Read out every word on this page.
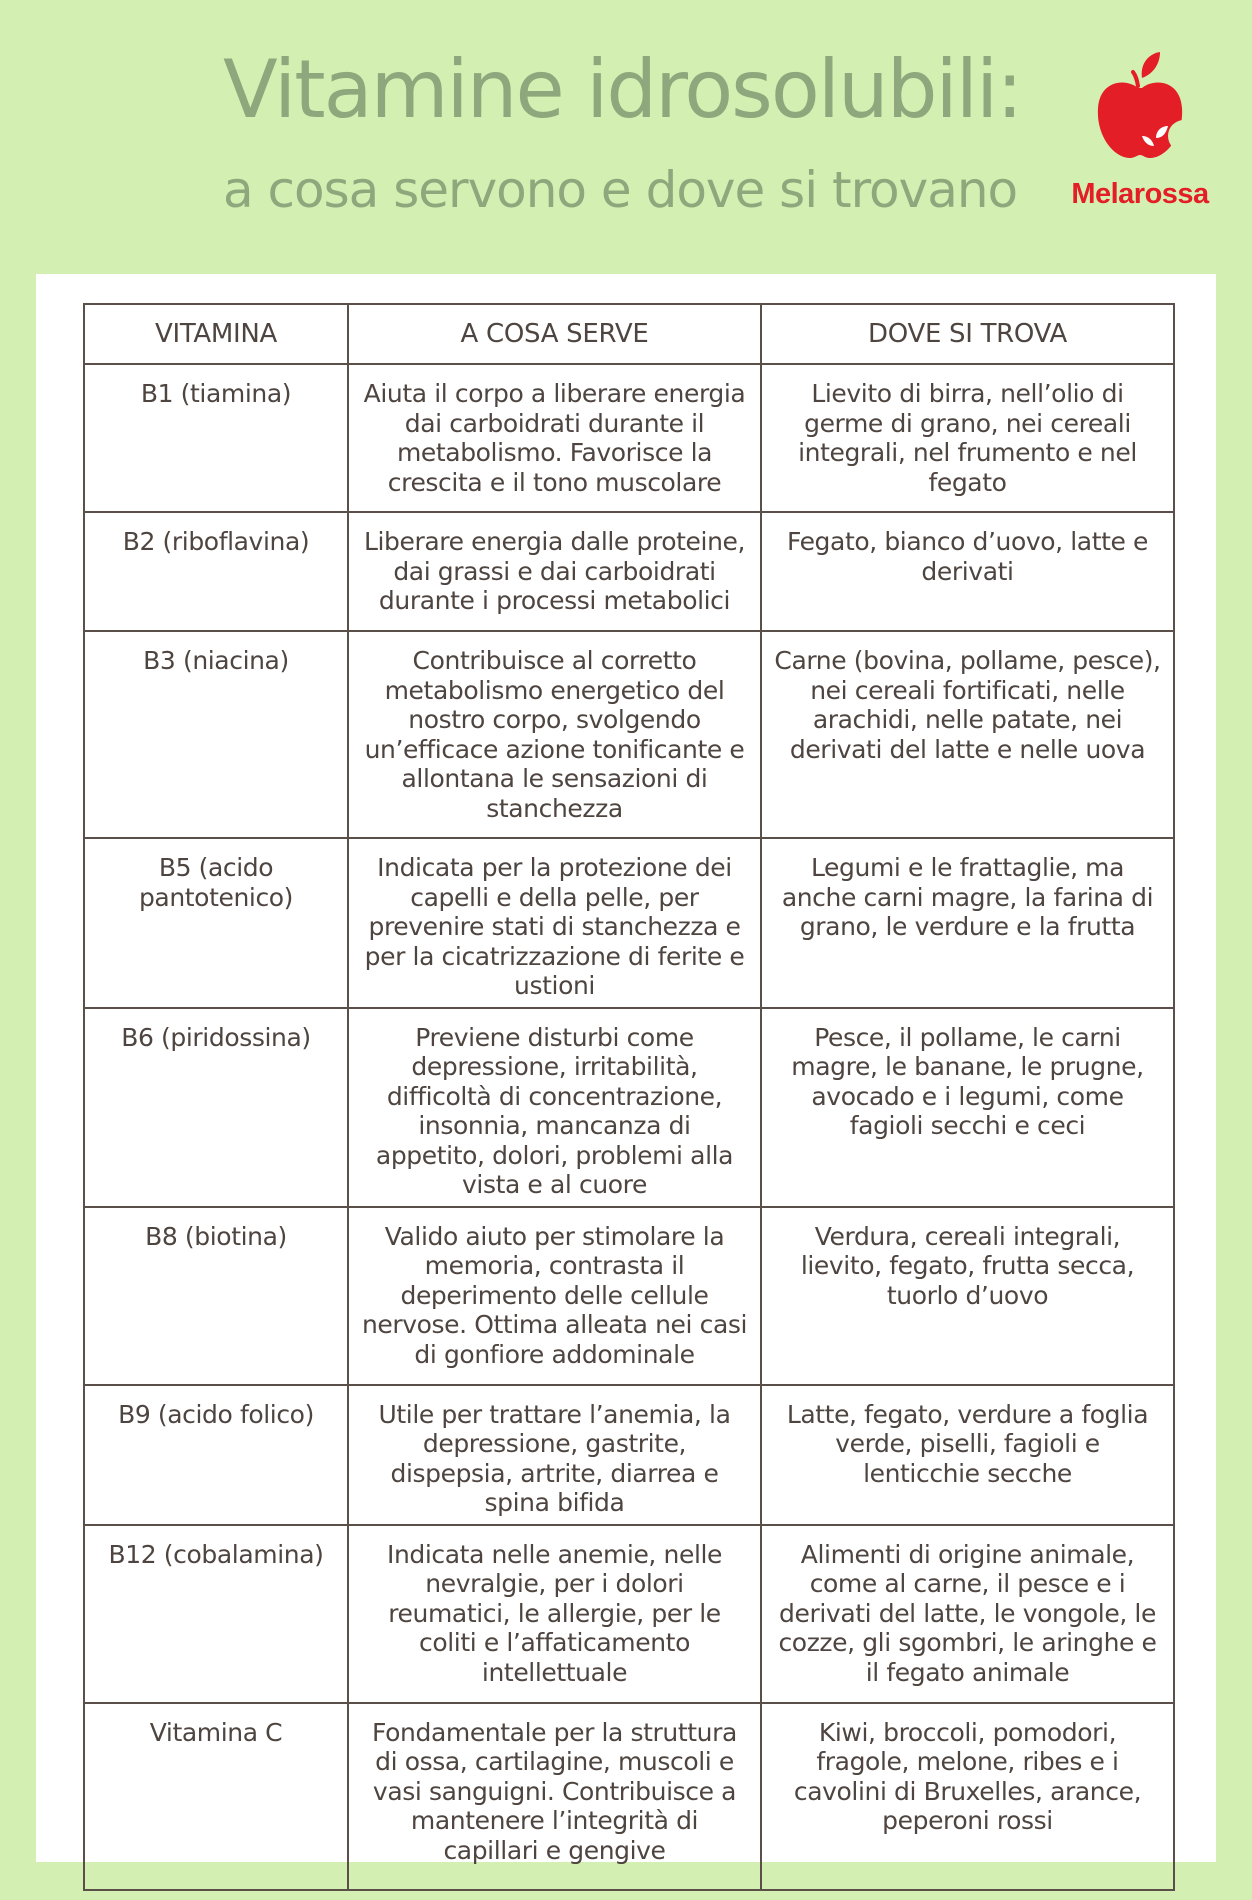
Vitamine idrosolubili:
a cosa servono e dove si trovano	Melarossa
VITAMINA	A COSA SERVE	DOVE SI TROVA
B1 (tiamina)	Aiuta il corpo a liberare energia dai carboidrati durante il metabolismo. Favorisce la crescita e il tono muscolare	Lievito di birra, nell’olio di germe di grano, nei cereali integrali, nel frumento e nel fegato
B2 (riboflavina)	Liberare energia dalle proteine, dai grassi e dai carboidrati durante i processi metabolici	Fegato, bianco d’uovo, latte e derivati
B3 (niacina)	Contribuisce al corretto metabolismo energetico del nostro corpo, svolgendo un’efficace azione tonificante e allontana le sensazioni di stanchezza	Carne (bovina, pollame, pesce), nei cereali fortificati, nelle arachidi, nelle patate, nei derivati del latte e nelle uova
B5 (acido pantotenico)	Indicata per la protezione dei capelli e della pelle, per prevenire stati di stanchezza e per la cicatrizzazione di ferite e ustioni	Legumi e le frattaglie, ma anche carni magre, la farina di grano, le verdure e la frutta
B6 (piridossina)	Previene disturbi come depressione, irritabilità, difficoltà di concentrazione, insonnia, mancanza di appetito, dolori, problemi alla vista e al cuore	Pesce, il pollame, le carni magre, le banane, le prugne, avocado e i legumi, come fagioli secchi e ceci
B8 (biotina)	Valido aiuto per stimolare la memoria, contrasta il deperimento delle cellule nervose. Ottima alleata nei casi di gonfiore addominale	Verdura, cereali integrali, lievito, fegato, frutta secca, tuorlo d’uovo
B9 (acido folico)	Utile per trattare l’anemia, la depressione, gastrite, dispepsia, artrite, diarrea e spina bifida	Latte, fegato, verdure a foglia verde, piselli, fagioli e lenticchie secche
B12 (cobalamina)	Indicata nelle anemie, nelle nevralgie, per i dolori reumatici, le allergie, per le coliti e l’affaticamento intellettuale	Alimenti di origine animale, come al carne, il pesce e i derivati del latte, le vongole, le cozze, gli sgombri, le aringhe e il fegato animale
Vitamina C	Fondamentale per la struttura di ossa, cartilagine, muscoli e vasi sanguigni. Contribuisce a mantenere l’integrità di capillari e gengive	Kiwi, broccoli, pomodori, fragole, melone, ribes e i cavolini di Bruxelles, arance, peperoni rossi
